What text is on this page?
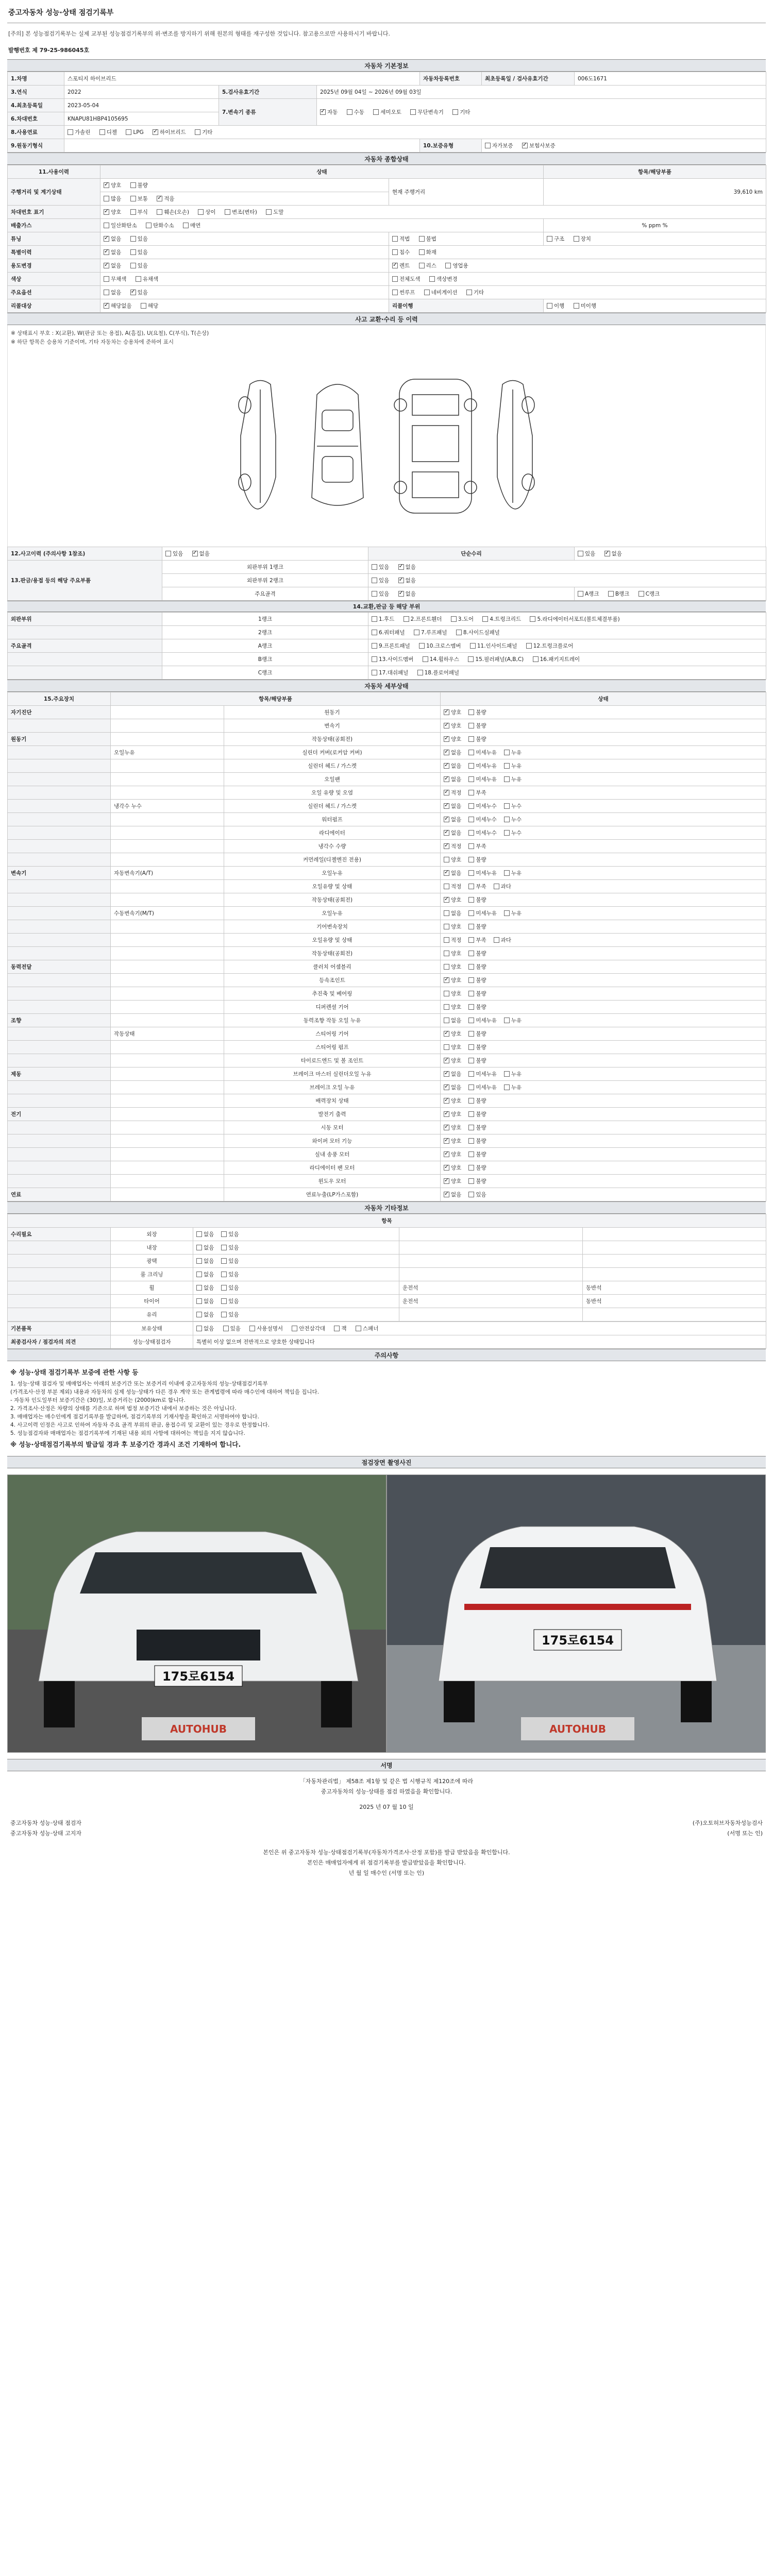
중고자동차 성능·상태 점검기록부
[주의] 본 성능점검기록부는 실제 교부된 성능점검기록부의 위·변조를 방지하기 위해 원본의 형태를 재구성한 것입니다. 참고용으로만 사용하시기 바랍니다.
발행번호 제 79-25-986045호
자동차 기본정보
1.차명	스포티지 하이브리드			자동차등록번호	최초등록일 / 검사유효기간	006도1671
3.연식	2022	5.검사유효기간	2025년 09월 04일 ~ 2026년 09월 03일			
4.최초등록일	2023-05-04	7.변속기 종류	✓자동 수동 세미오토 무단변속기 기타
6.차대번호	KNAPU81HBP4105695					
8.사용연료	가솔린 디젤 LPG ✓ 하이브리드 기타
9.원동기형식				10.보증유형	자가보증 ✓ 보험사보증
자동차 종합상태
11.사용이력	상태		항목/해당부품
주행거리 및 계기상태	✓양호 불량	현재 주행거리	39,610 km
	많음 보통 ✓ 적음
차대번호 표기	✓양호 부식 훼손(오손) 상이 변조(변타) 도말
배출가스	일산화탄소 탄화수소 매연		% ppm %
튜닝	✓없음 있음	적법 불법	구조 장치
특별이력	✓없음 있음	침수 화재	
용도변경	✓없음 있음	✓렌트 리스 영업용
색상	무채색 유채색	전체도색 색상변경	
주요옵션	없음 ✓ 있음	썬루프 네비게이션 기타	
리콜대상	✓해당없음 해당	리콜이행	이행 미이행
사고 교환·수리 등 이력
※ 상태표시 부호 : X(교환), W(판금 또는 용접), A(흠집), U(요철), C(부식), T(손상)
※ 하단 항목은 승용차 기준이며, 기타 자동차는 승용차에 준하여 표시
12.사고이력 (주의사항 1참조)	있음 ✓ 없음	단순수리	있음 ✓ 없음
13.판금/용접 등의 해당 주요부품	외판부위 1랭크	있음 ✓ 없음
	외판부위 2랭크	있음 ✓ 없음
	주요골격	있음 ✓ 없음	A랭크 B랭크 C랭크
14.교환,판금 등 해당 부위
외판부위	1랭크	1.후드 2.프론트휀더 3.도어 4.트렁크리드 5.라디에이터서포트(볼트체결부품)
	2랭크	6.쿼터패널 7.루프패널 8.사이드실패널
주요골격	A랭크	9.프론트패널 10.크로스멤버 11.인사이드패널 12.트렁크플로어
	B랭크	13.사이드멤버 14.휠하우스 15.필러패널(A,B,C) 16.패키지트레이
	C랭크	17.대쉬패널 18.플로어패널
자동차 세부상태
15.주요장치	항목/해당부품		상태
자기진단		원동기	✓양호 불량
		변속기	✓양호 불량
원동기		작동상태(공회전)	✓양호 불량
	오일누유	실린더 커버(로커암 커버)	✓없음 미세누유 누유
		실린더 헤드 / 가스켓	✓없음 미세누유 누유
		오일팬	✓없음 미세누유 누유
		오일 유량 및 오염	✓적정 부족
	냉각수 누수	실린더 헤드 / 가스켓	✓없음 미세누수 누수
		워터펌프	✓없음 미세누수 누수
		라디에이터	✓없음 미세누수 누수
		냉각수 수량	✓적정 부족
		커먼레일(디젤엔진 전용)	양호 불량
변속기	자동변속기(A/T)	오일누유	✓없음 미세누유 누유
		오일유량 및 상태	적정 부족 과다
		작동상태(공회전)	✓양호 불량
	수동변속기(M/T)	오일누유	없음 미세누유 누유
		기어변속장치	양호 불량
		오일유량 및 상태	적정 부족 과다
		작동상태(공회전)	양호 불량
동력전달		클러치 어셈블리	양호 불량
		등속조인트	✓양호 불량
		추진축 및 베어링	양호 불량
		디퍼렌셜 기어	양호 불량
조향		동력조향 작동 오일 누유	없음 미세누유 누유
	작동상태	스티어링 기어	✓양호 불량
		스티어링 펌프	양호 불량
		타이로드엔드 및 볼 조인트	✓양호 불량
제동		브레이크 마스터 실린더오일 누유	✓없음 미세누유 누유
		브레이크 오일 누유	✓없음 미세누유 누유
		배력장치 상태	✓양호 불량
전기		발전기 출력	✓양호 불량
		시동 모터	✓양호 불량
		와이퍼 모터 기능	✓양호 불량
		실내 송풍 모터	✓양호 불량
		라디에이터 팬 모터	✓양호 불량
		윈도우 모터	✓양호 불량
연료		연료누출(LP가스포함)	✓없음 있음
자동차 기타정보
항목				
수리필요	외장	없음 있음		
	내장	없음 있음		
	광택	없음 있음		
	룸 크리닝	없음 있음		
	휠	없음 있음	운전석	동반석
	타이어	없음 있음	운전석	동반석
	유리	없음 있음		
기본품목	보유상태	없음 있음 사용설명서 안전삼각대 잭 스패너
최종검사자 / 점검자의 의견	성능·상태점검자	특별히 이상 없으며 전반적으로 양호한 상태입니다
주의사항
※ 성능·상태 점검기록부 보증에 관한 사항 등
1. 성능·상태 점검자 및 매매업자는 아래의 보증기간 또는 보증거리 이내에 중고자동차의 성능·상태점검기록부
(가격조사·산정 부분 제외) 내용과 자동차의 실제 성능·상태가 다른 경우 계약 또는 관계법령에 따라 매수인에 대하여 책임을 집니다.
- 자동차 인도일부터 보증기간은 (30)일, 보증거리는 (2000)km로 합니다.
2. 가격조사·산정은 차량의 상태를 기준으로 하며 법정 보증기간 내에서 보증하는 것은 아닙니다.
3. 매매업자는 매수인에게 점검기록부를 발급하며, 점검기록부의 기재사항을 확인하고 서명하여야 합니다.
4. 사고이력 인정은 사고로 인하여 자동차 주요 골격 부위의 판금, 용접수리 및 교환이 있는 경우로 한정합니다.
5. 성능점검자와 매매업자는 점검기록부에 기재된 내용 외의 사항에 대하여는 책임을 지지 않습니다.
※ 성능·상태점검기록부의 발급일 경과 후 보증기간 경과시 조건 기재하여 합니다.
점검장면 촬영사진
175로6154
AUTOHUB
175로6154
AUTOHUB
서명
「자동차관리법」 제58조 제1항 및 같은 법 시행규칙 제120조에 따라
중고자동차의 성능·상태를 점검 하였음을 확인합니다.
2025 년 07 월 10 일
중고자동차 성능·상태 점검자	(주)오토허브자동차성능검사
중고자동차 성능·상태 고지자	(서명 또는 인)
본인은 위 중고자동차 성능·상태점검기록부(자동차가격조사·산정 포함)를 발급 받았음을 확인합니다.
본인은 매매업자에게 위 점검기록부를 발급받았음을 확인합니다.
년 월 일 매수인 (서명 또는 인)
